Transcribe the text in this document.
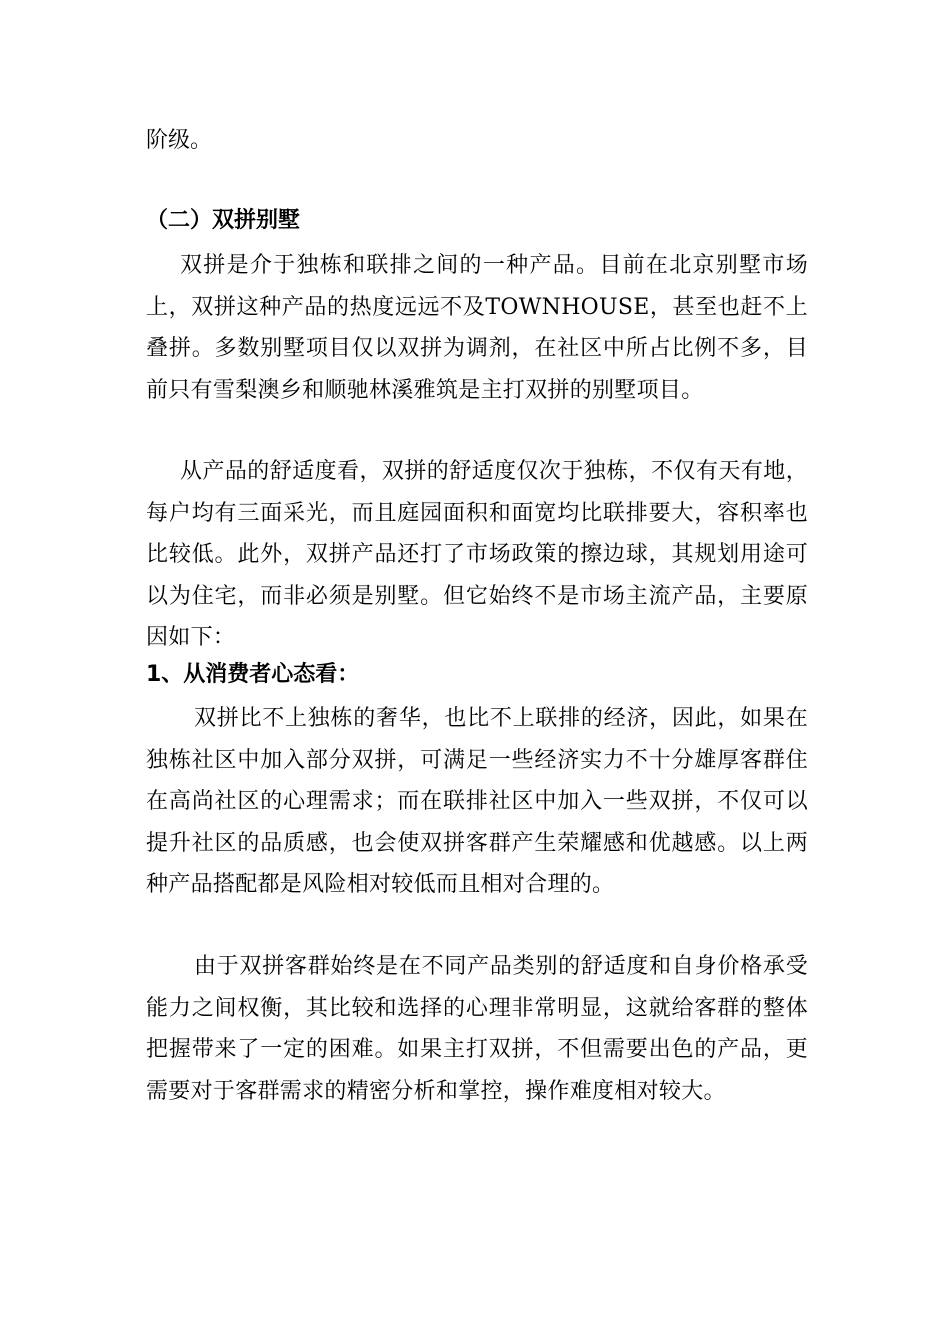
阶级。

（二）双拼别墅

双拼是介于独栋和联排之间的一种产品。目前在北京别墅市场上，双拼这种产品的热度远远不及TOWNHOUSE，甚至也赶不上叠拼。多数别墅项目仅以双拼为调剂，在社区中所占比例不多，目前只有雪梨澳乡和顺驰林溪雅筑是主打双拼的别墅项目。

从产品的舒适度看，双拼的舒适度仅次于独栋，不仅有天有地，每户均有三面采光，而且庭园面积和面宽均比联排要大，容积率也比较低。此外，双拼产品还打了市场政策的擦边球，其规划用途可以为住宅，而非必须是别墅。但它始终不是市场主流产品，主要原因如下：

1、从消费者心态看：

双拼比不上独栋的奢华，也比不上联排的经济，因此，如果在独栋社区中加入部分双拼，可满足一些经济实力不十分雄厚客群住在高尚社区的心理需求；而在联排社区中加入一些双拼，不仅可以提升社区的品质感，也会使双拼客群产生荣耀感和优越感。以上两种产品搭配都是风险相对较低而且相对合理的。

由于双拼客群始终是在不同产品类别的舒适度和自身价格承受能力之间权衡，其比较和选择的心理非常明显，这就给客群的整体把握带来了一定的困难。如果主打双拼，不但需要出色的产品，更需要对于客群需求的精密分析和掌控，操作难度相对较大。
